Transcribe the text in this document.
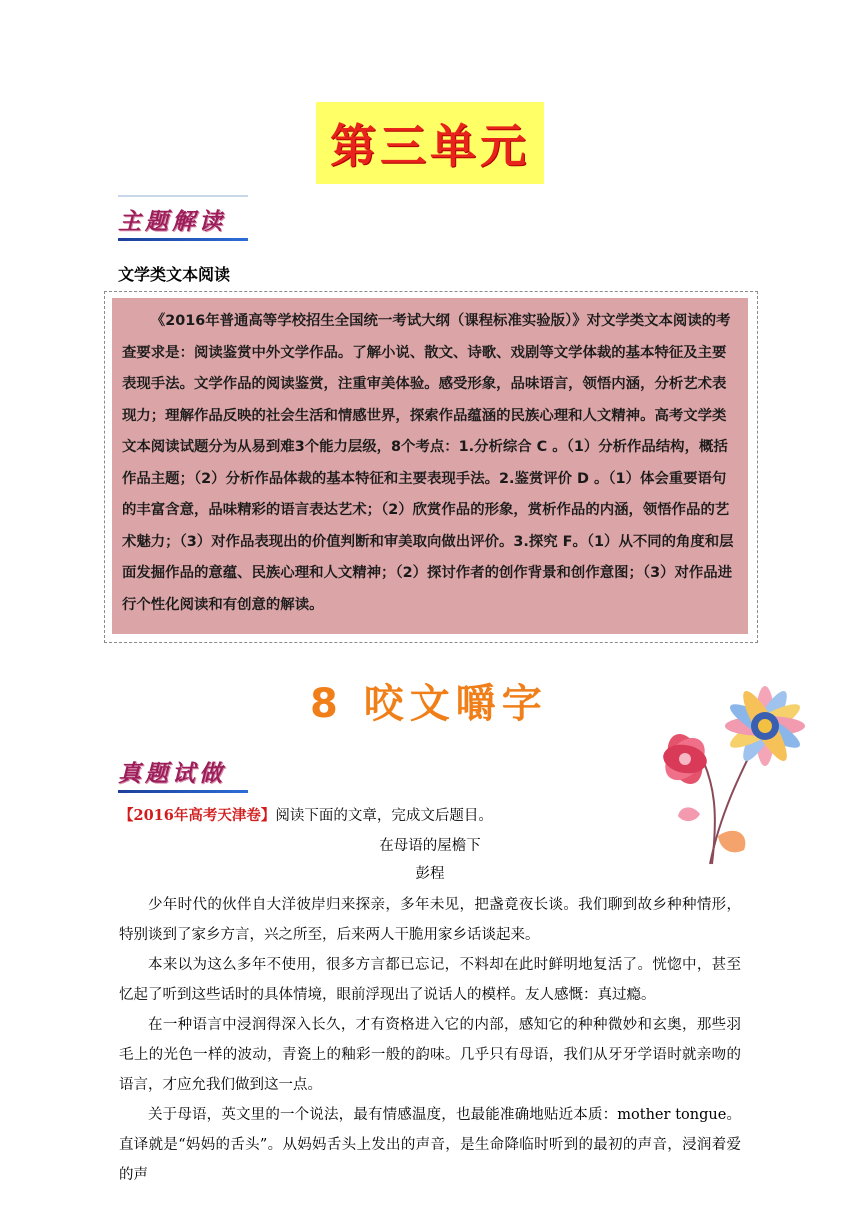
第三单元
主题解读
文学类文本阅读

《2016年普通高等学校招生全国统一考试大纲（课程标准实验版）》对文学类文本阅读的考查要求是：阅读鉴赏中外文学作品。了解小说、散文、诗歌、戏剧等文学体裁的基本特征及主要表现手法。文学作品的阅读鉴赏，注重审美体验。感受形象，品味语言，领悟内涵，分析艺术表现力；理解作品反映的社会生活和情感世界，探索作品蕴涵的民族心理和人文精神。高考文学类文本阅读试题分为从易到难3个能力层级，8个考点：1.分析综合 C 。（1）分析作品结构，概括作品主题；（2）分析作品体裁的基本特征和主要表现手法。2.鉴赏评价 D 。（1）体会重要语句的丰富含意，品味精彩的语言表达艺术；（2）欣赏作品的形象，赏析作品的内涵，领悟作品的艺术魅力；（3）对作品表现出的价值判断和审美取向做出评价。3.探究 F。（1）从不同的角度和层面发掘作品的意蕴、民族心理和人文精神；（2）探讨作者的创作背景和创作意图；（3）对作品进行个性化阅读和有创意的解读。

8 咬文嚼字
真题试做
【2016年高考天津卷】阅读下面的文章，完成文后题目。
在母语的屋檐下
彭程

少年时代的伙伴自大洋彼岸归来探亲，多年未见，把盏竟夜长谈。我们聊到故乡种种情形，特别谈到了家乡方言，兴之所至，后来两人干脆用家乡话谈起来。

本来以为这么多年不使用，很多方言都已忘记，不料却在此时鲜明地复活了。恍惚中，甚至忆起了听到这些话时的具体情境，眼前浮现出了说话人的模样。友人感慨：真过瘾。

在一种语言中浸润得深入长久，才有资格进入它的内部，感知它的种种微妙和玄奥，那些羽毛上的光色一样的波动，青瓷上的釉彩一般的韵味。几乎只有母语，我们从牙牙学语时就亲吻的语言，才应允我们做到这一点。

关于母语，英文里的一个说法，最有情感温度，也最能准确地贴近本质：mother tongue。直译就是“妈妈的舌头”。从妈妈舌头上发出的声音，是生命降临时听到的最初的声音，浸润着爱的声
